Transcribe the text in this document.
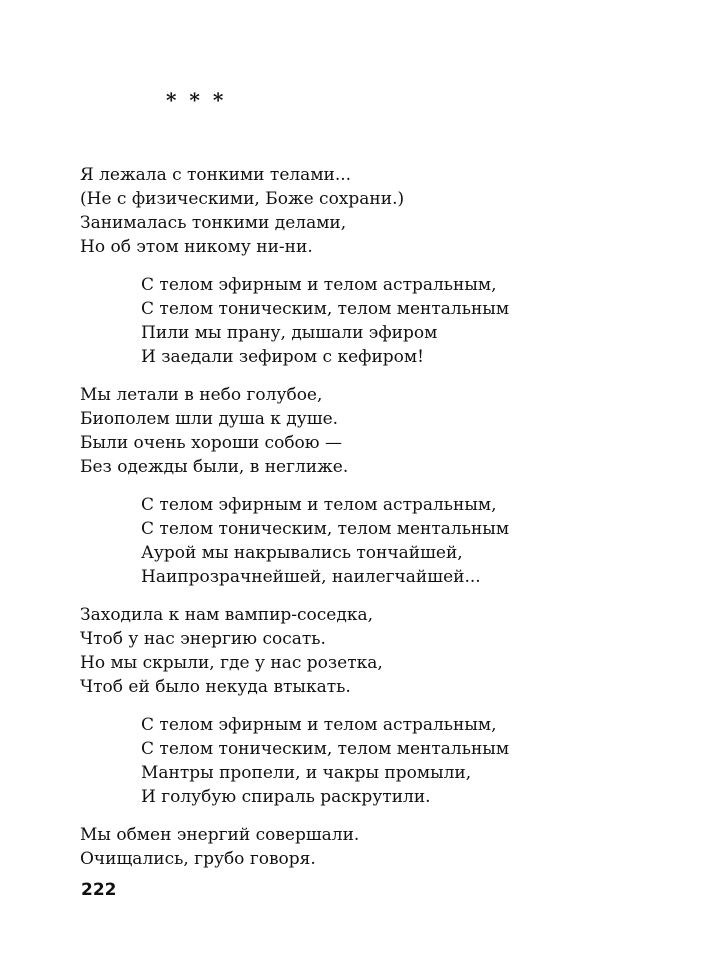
* * *
Я лежала с тонкими телами...
(Не с физическими, Боже сохрани.)
Занималась тонкими делами,
Но об этом никому ни-ни.
С телом эфирным и телом астральным,
С телом тоническим, телом ментальным
Пили мы прану, дышали эфиром
И заедали зефиром с кефиром!
Мы летали в небо голубое,
Биополем шли душа к душе.
Были очень хороши собою —
Без одежды были, в неглиже.
С телом эфирным и телом астральным,
С телом тоническим, телом ментальным
Аурой мы накрывались тончайшей,
Наипрозрачнейшей, наилегчайшей...
Заходила к нам вампир-соседка,
Чтоб у нас энергию сосать.
Но мы скрыли, где у нас розетка,
Чтоб ей было некуда втыкать.
С телом эфирным и телом астральным,
С телом тоническим, телом ментальным
Мантры пропели, и чакры промыли,
И голубую спираль раскрутили.
Мы обмен энергий совершали.
Очищались, грубо говоря.
222
